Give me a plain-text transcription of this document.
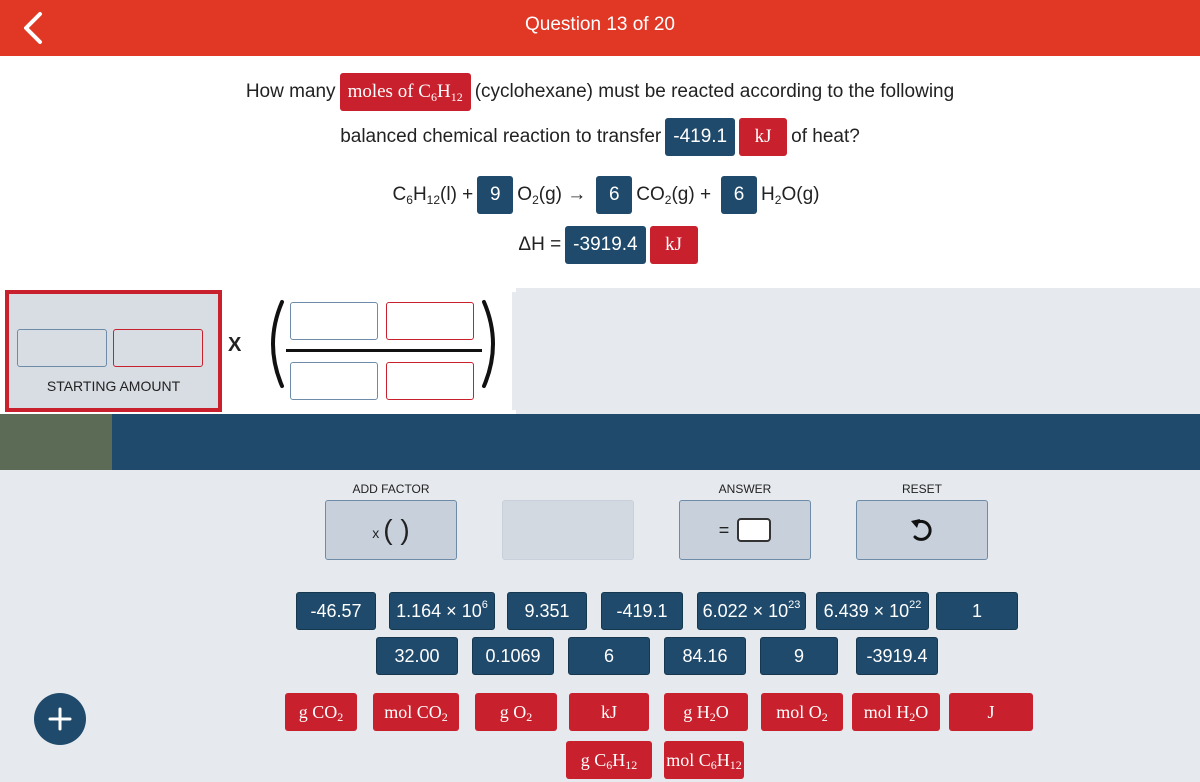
Question 13 of 20
How many moles of C 6 H 12 (cyclohexane) must be reacted according to the following
balanced chemical reaction to transfer -419.1	kJ	of heat?
C 6 H 12 (l) + 9 O 2 (g) →	6 CO 2 (g) +	6 H 2 O(g)
ΔH = -3919.4	kJ
STARTING AMOUNT
X
ADD FACTOR
x ( )
ANSWER
=
RESET
-46.57 $1.164 \times 10^6$ 9.351	-419.1 $6.022 \times 10^{23}$ $6.439 \times 10^{22}$	1
32.00	0.1069	6	84.16	9	-3919.4
g CO 2 mol CO 2	g O 2	kJ	g H 2 O	mol O 2 mol H 2 O	J
g C 6 H 12 mol C 6 H 12
